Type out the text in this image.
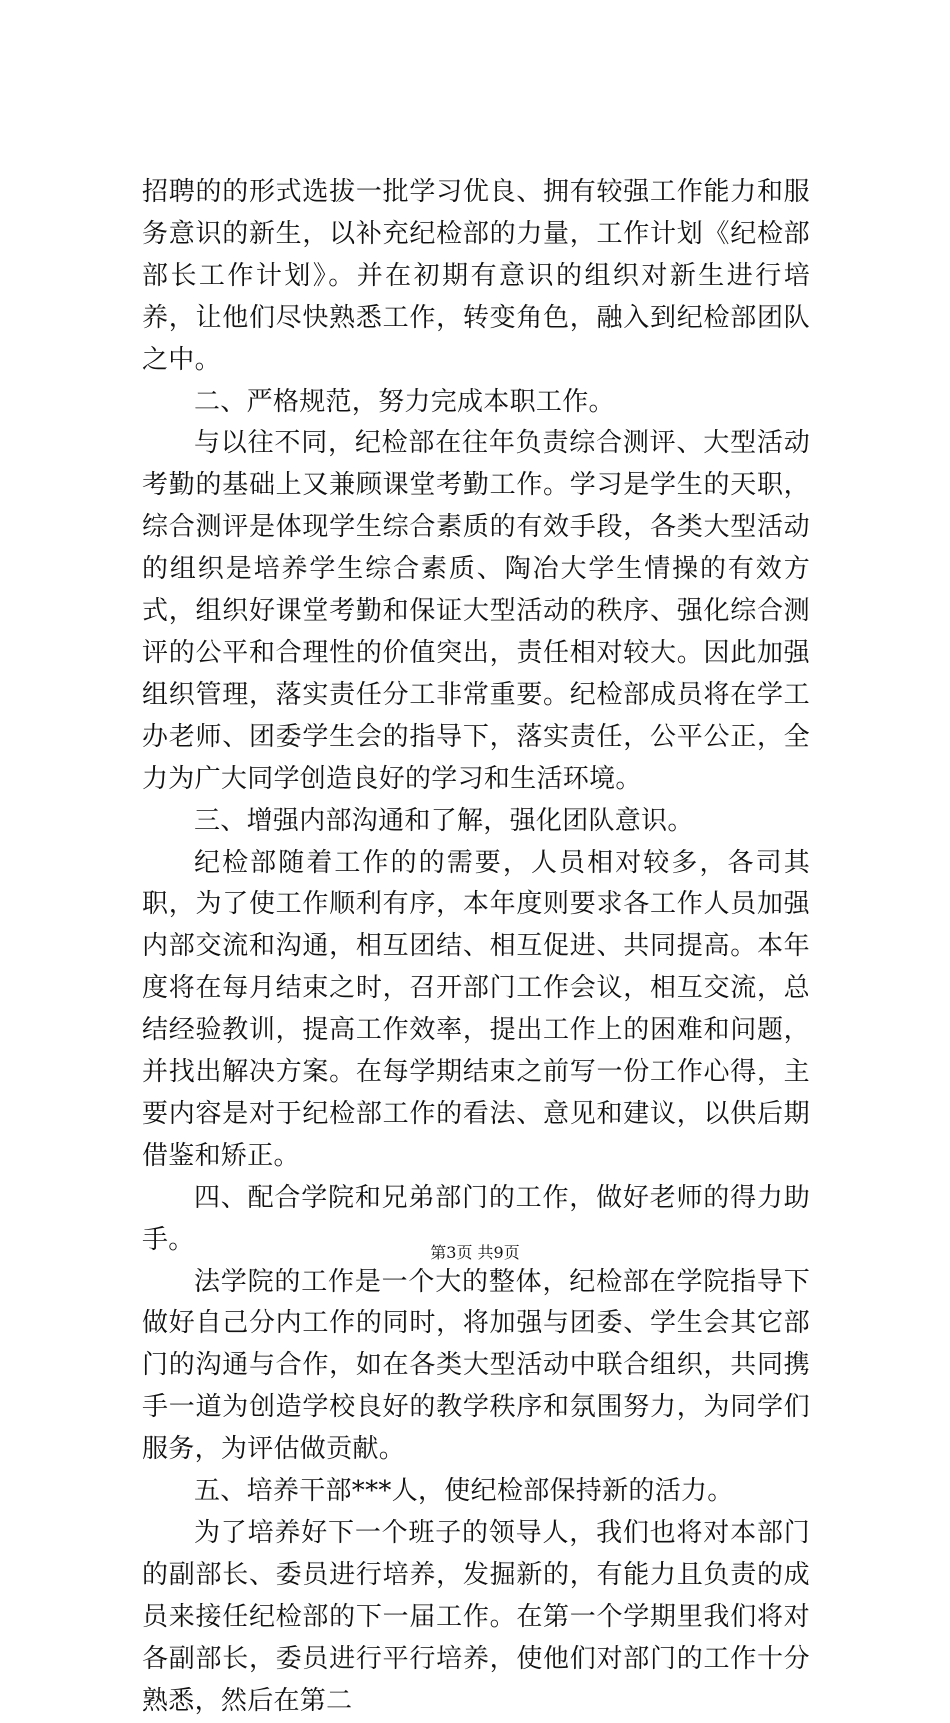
招聘的的形式选拔一批学习优良、拥有较强工作能力和服务意识的新生，以补充纪检部的力量，工作计划《纪检部部长工作计划》。并在初期有意识的组织对新生进行培养，让他们尽快熟悉工作，转变角色，融入到纪检部团队之中。

二、严格规范，努力完成本职工作。

与以往不同，纪检部在往年负责综合测评、大型活动考勤的基础上又兼顾课堂考勤工作。学习是学生的天职，综合测评是体现学生综合素质的有效手段，各类大型活动的组织是培养学生综合素质、陶冶大学生情操的有效方式，组织好课堂考勤和保证大型活动的秩序、强化综合测评的公平和合理性的价值突出，责任相对较大。因此加强组织管理，落实责任分工非常重要。纪检部成员将在学工办老师、团委学生会的指导下，落实责任，公平公正，全力为广大同学创造良好的学习和生活环境。

三、增强内部沟通和了解，强化团队意识。

纪检部随着工作的的需要，人员相对较多，各司其职，为了使工作顺利有序，本年度则要求各工作人员加强内部交流和沟通，相互团结、相互促进、共同提高。本年度将在每月结束之时，召开部门工作会议，相互交流，总结经验教训，提高工作效率，提出工作上的困难和问题，并找出解决方案。在每学期结束之前写一份工作心得，主要内容是对于纪检部工作的看法、意见和建议，以供后期借鉴和矫正。

四、配合学院和兄弟部门的工作，做好老师的得力助手。

法学院的工作是一个大的整体，纪检部在学院指导下做好自己分内工作的同时，将加强与团委、学生会其它部门的沟通与合作，如在各类大型活动中联合组织，共同携手一道为创造学校良好的教学秩序和氛围努力，为同学们服务，为评估做贡献。

五、培养干部***人，使纪检部保持新的活力。

为了培养好下一个班子的领导人，我们也将对本部门的副部长、委员进行培养，发掘新的，有能力且负责的成员来接任纪检部的下一届工作。在第一个学期里我们将对各副部长，委员进行平行培养，使他们对部门的工作十分熟悉，然后在第二

第3页 共9页
